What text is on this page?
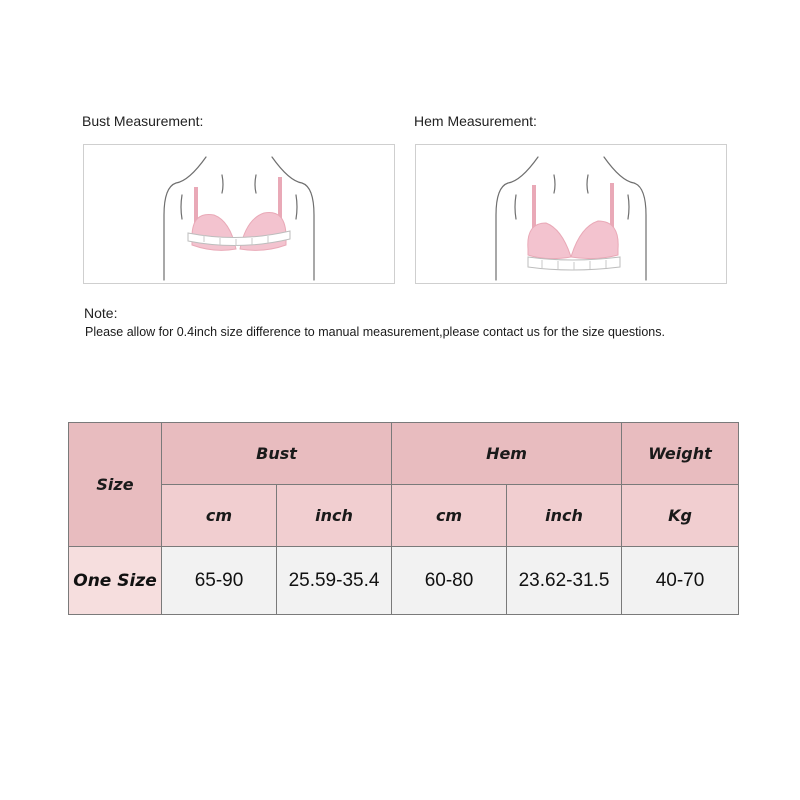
Bust Measurement:	Hem Measurement:
Note:
Please allow for 0.4inch size difference to manual measurement,please contact us for the size questions.
Size	Bust		Hem		Weight
	cm	inch	cm	inch	Kg
One Size	65-90	25.59-35.4	60-80	23.62-31.5	40-70
